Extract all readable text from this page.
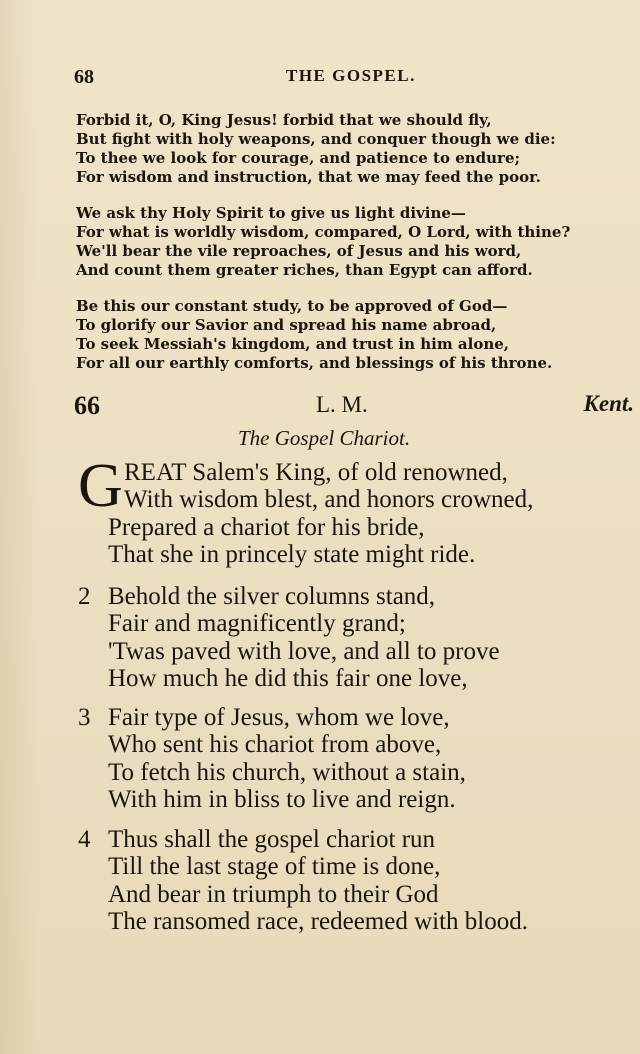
68	THE GOSPEL.
Forbid it, O, King Jesus! forbid that we should fly,
But fight with holy weapons, and conquer though we die:
To thee we look for courage, and patience to endure;
For wisdom and instruction, that we may feed the poor.
We ask thy Holy Spirit to give us light divine—
For what is worldly wisdom, compared, O Lord, with thine?
We'll bear the vile reproaches, of Jesus and his word,
And count them greater riches, than Egypt can afford.
Be this our constant study, to be approved of God—
To glorify our Savior and spread his name abroad,
To seek Messiah's kingdom, and trust in him alone,
For all our earthly comforts, and blessings of his throne.
66	L. M.	Kent.
The Gospel Chariot.
G REAT Salem's King, of old renowned,
With wisdom blest, and honors crowned,
Prepared a chariot for his bride,
That she in princely state might ride.
2 Behold the silver columns stand,
Fair and magnificently grand;
'Twas paved with love, and all to prove
How much he did this fair one love,
3 Fair type of Jesus, whom we love,
Who sent his chariot from above,
To fetch his church, without a stain,
With him in bliss to live and reign.
4 Thus shall the gospel chariot run
Till the last stage of time is done,
And bear in triumph to their God
The ransomed race, redeemed with blood.
